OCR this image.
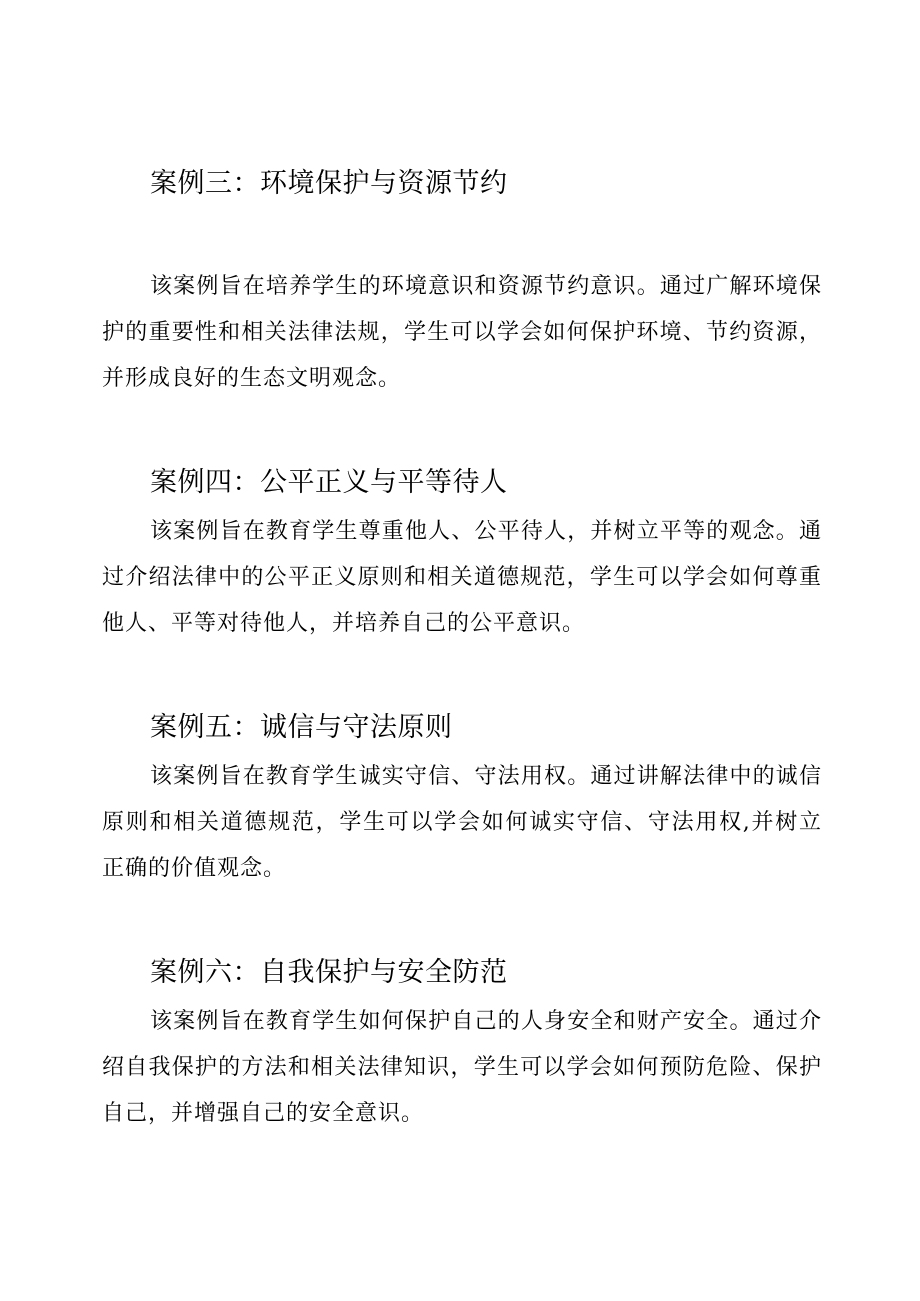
案例三：环境保护与资源节约

该案例旨在培养学生的环境意识和资源节约意识。通过广解环境保护的重要性和相关法律法规，学生可以学会如何保护环境、节约资源，并形成良好的生态文明观念。

案例四：公平正义与平等待人

该案例旨在教育学生尊重他人、公平待人，并树立平等的观念。通过介绍法律中的公平正义原则和相关道德规范，学生可以学会如何尊重他人、平等对待他人，并培养自己的公平意识。

案例五：诚信与守法原则

该案例旨在教育学生诚实守信、守法用权。通过讲解法律中的诚信原则和相关道德规范，学生可以学会如何诚实守信、守法用权,并树立正确的价值观念。

案例六：自我保护与安全防范

该案例旨在教育学生如何保护自己的人身安全和财产安全。通过介绍自我保护的方法和相关法律知识，学生可以学会如何预防危险、保护自己，并增强自己的安全意识。
